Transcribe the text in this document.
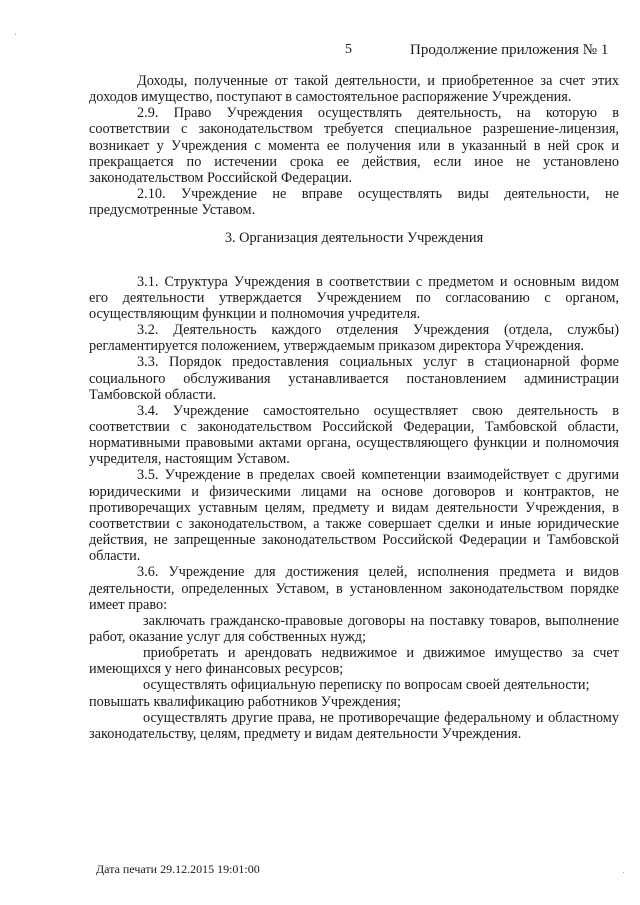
·
·
5	Продолжение приложения № 1

Доходы, полученные от такой деятельности, и приобретенное за счет этих доходов имущество, поступают в самостоятельное распоряжение Учреждения.

2.9. Право Учреждения осуществлять деятельность, на которую в соответствии с законодательством требуется специальное разрешение-лицензия, возникает у Учреждения с момента ее получения или в указанный в ней срок и прекращается по истечении срока ее действия, если иное не установлено законодательством Российской Федерации.

2.10. Учреждение не вправе осуществлять виды деятельности, не предусмотренные Уставом.

3. Организация деятельности Учреждения

3.1. Структура Учреждения в соответствии с предметом и основным видом его деятельности утверждается Учреждением по согласованию с органом, осуществляющим функции и полномочия учредителя.

3.2. Деятельность каждого отделения Учреждения (отдела, службы) регламентируется положением, утверждаемым приказом директора Учреждения.

3.3. Порядок предоставления социальных услуг в стационарной форме социального обслуживания устанавливается постановлением администрации Тамбовской области.

3.4. Учреждение самостоятельно осуществляет свою деятельность в соответствии с законодательством Российской Федерации, Тамбовской области, нормативными правовыми актами органа, осуществляющего функции и полномочия учредителя, настоящим Уставом.

3.5. Учреждение в пределах своей компетенции взаимодействует с другими юридическими и физическими лицами на основе договоров и контрактов, не противоречащих уставным целям, предмету и видам деятельности Учреждения, в соответствии с законодательством, а также совершает сделки и иные юридические действия, не запрещенные законодательством Российской Федерации и Тамбовской области.

3.6. Учреждение для достижения целей, исполнения предмета и видов деятельности, определенных Уставом, в установленном законодательством порядке имеет право:

заключать гражданско-правовые договоры на поставку товаров, выполнение работ, оказание услуг для собственных нужд;

приобретать и арендовать недвижимое и движимое имущество за счет имеющихся у него финансовых ресурсов;

осуществлять официальную переписку по вопросам своей деятельности;

повышать квалификацию работников Учреждения;

осуществлять другие права, не противоречащие федеральному и областному законодательству, целям, предмету и видам деятельности Учреждения.

Дата печати 29.12.2015 19:01:00
